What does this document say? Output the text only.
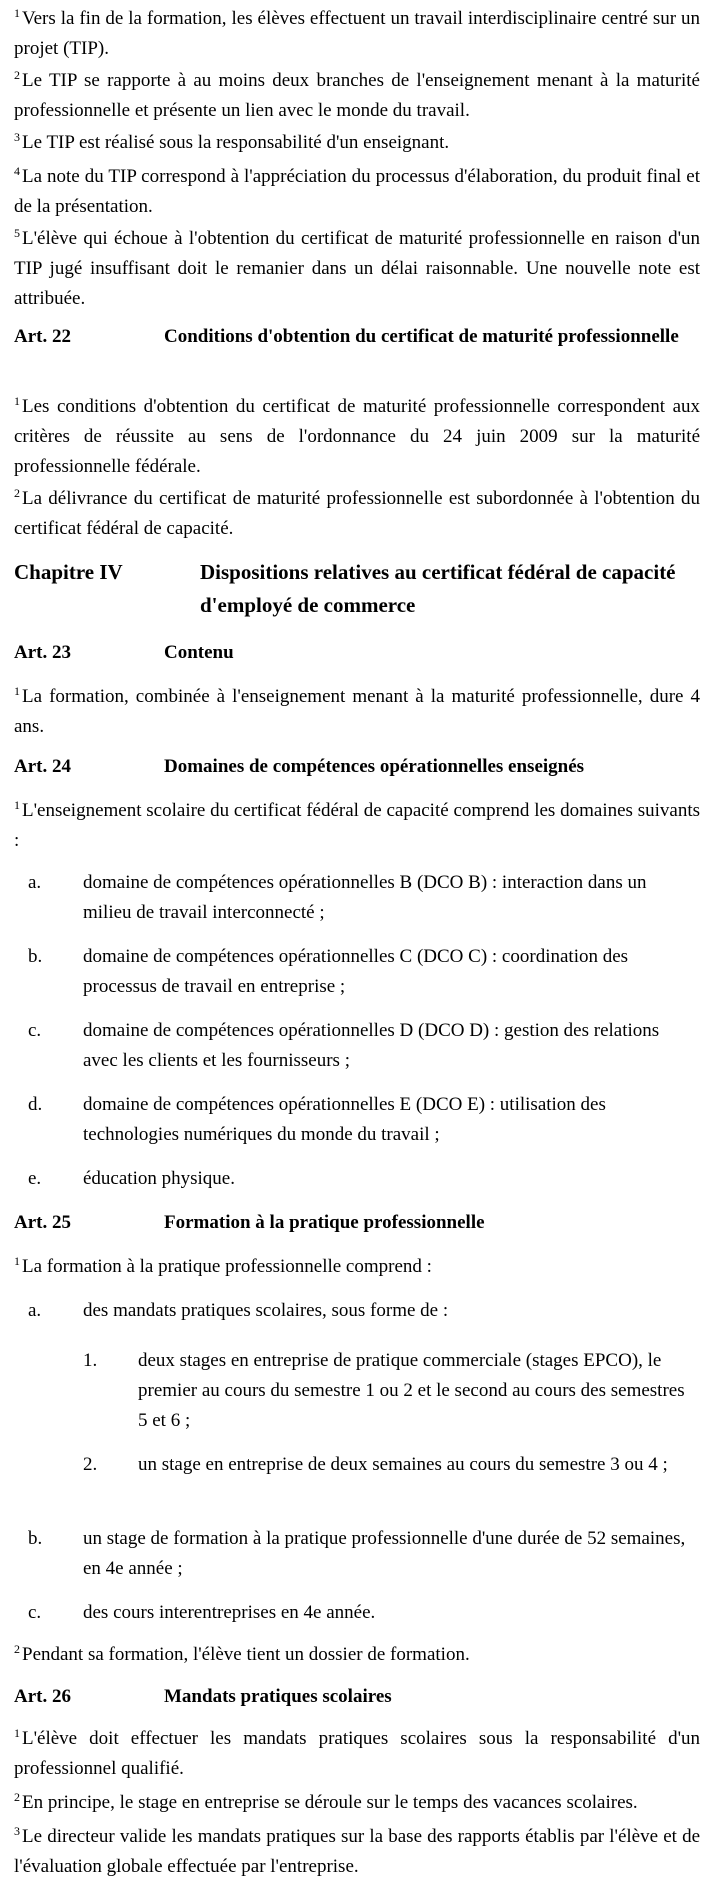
$^1$ Vers la fin de la formation, les élèves effectuent un travail interdisciplinaire centré sur un projet (TIP).
$^2$ Le TIP se rapporte à au moins deux branches de l'enseignement menant à la maturité professionnelle et présente un lien avec le monde du travail.
$^3$ Le TIP est réalisé sous la responsabilité d'un enseignant.
$^4$ La note du TIP correspond à l'appréciation du processus d'élaboration, du produit final et de la présentation.
$^5$ L'élève qui échoue à l'obtention du certificat de maturité professionnelle en raison d'un TIP jugé insuffisant doit le remanier dans un délai raisonnable. Une nouvelle note est attribuée.
Art. 22	Conditions d'obtention du certificat de maturité professionnelle
$^1$ Les conditions d'obtention du certificat de maturité professionnelle correspondent aux critères de réussite au sens de l'ordonnance du 24 juin 2009 sur la maturité professionnelle fédérale.
$^2$ La délivrance du certificat de maturité professionnelle est subordonnée à l'obtention du certificat fédéral de capacité.
Chapitre IV	Dispositions relatives au certificat fédéral de capacité d'employé de commerce
Art. 23	Contenu
$^1$ La formation, combinée à l'enseignement menant à la maturité professionnelle, dure 4 ans.
Art. 24	Domaines de compétences opérationnelles enseignés
$^1$ L'enseignement scolaire du certificat fédéral de capacité comprend les domaines suivants :
a. domaine de compétences opérationnelles B (DCO B) : interaction dans un milieu de travail interconnecté ;
b. domaine de compétences opérationnelles C (DCO C) : coordination des processus de travail en entreprise ;
c. domaine de compétences opérationnelles D (DCO D) : gestion des relations avec les clients et les fournisseurs ;
d. domaine de compétences opérationnelles E (DCO E) : utilisation des technologies numériques du monde du travail ;
e. éducation physique.
Art. 25	Formation à la pratique professionnelle
$^1$ La formation à la pratique professionnelle comprend :
a. des mandats pratiques scolaires, sous forme de :
1. deux stages en entreprise de pratique commerciale (stages EPCO), le premier au cours du semestre 1 ou 2 et le second au cours des semestres 5 et 6 ;
2. un stage en entreprise de deux semaines au cours du semestre 3 ou 4 ;
b. un stage de formation à la pratique professionnelle d'une durée de 52 semaines, en 4e année ;
c. des cours interentreprises en 4e année.
$^2$ Pendant sa formation, l'élève tient un dossier de formation.
Art. 26	Mandats pratiques scolaires
$^1$ L'élève doit effectuer les mandats pratiques scolaires sous la responsabilité d'un professionnel qualifié.
$^2$ En principe, le stage en entreprise se déroule sur le temps des vacances scolaires.
$^3$ Le directeur valide les mandats pratiques sur la base des rapports établis par l'élève et de l'évaluation globale effectuée par l'entreprise.
